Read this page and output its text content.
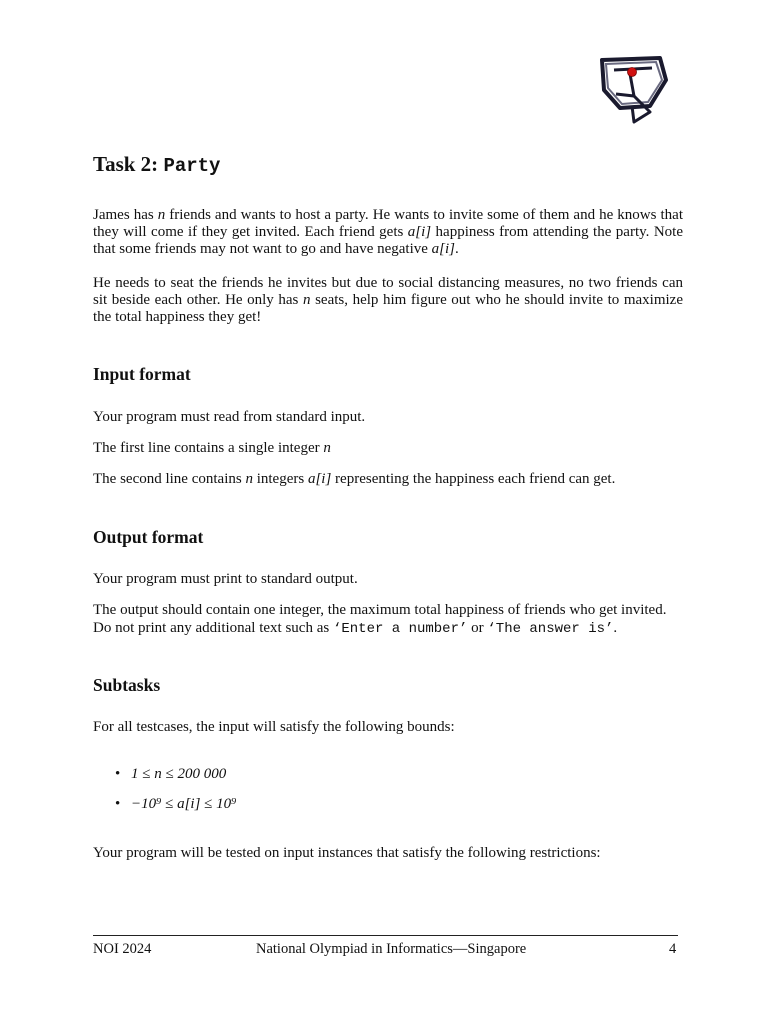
Task 2: Party
James has n friends and wants to host a party. He wants to invite some of them and he knows that they will come if they get invited. Each friend gets a[i] happiness from attending the party. Note that some friends may not want to go and have negative a[i].
He needs to seat the friends he invites but due to social distancing measures, no two friends can sit beside each other. He only has n seats, help him figure out who he should invite to maximize the total happiness they get!
Input format
Your program must read from standard input.
The first line contains a single integer n
The second line contains n integers a[i] representing the happiness each friend can get.
Output format
Your program must print to standard output.
The output should contain one integer, the maximum total happiness of friends who get invited.
Do not print any additional text such as ‘Enter a number’ or ‘The answer is’.
Subtasks
For all testcases, the input will satisfy the following bounds:
• 1 ≤ n ≤ 200 000
• −10⁹ ≤ a[i] ≤ 10⁹
Your program will be tested on input instances that satisfy the following restrictions:
NOI 2024	National Olympiad in Informatics—Singapore	4
